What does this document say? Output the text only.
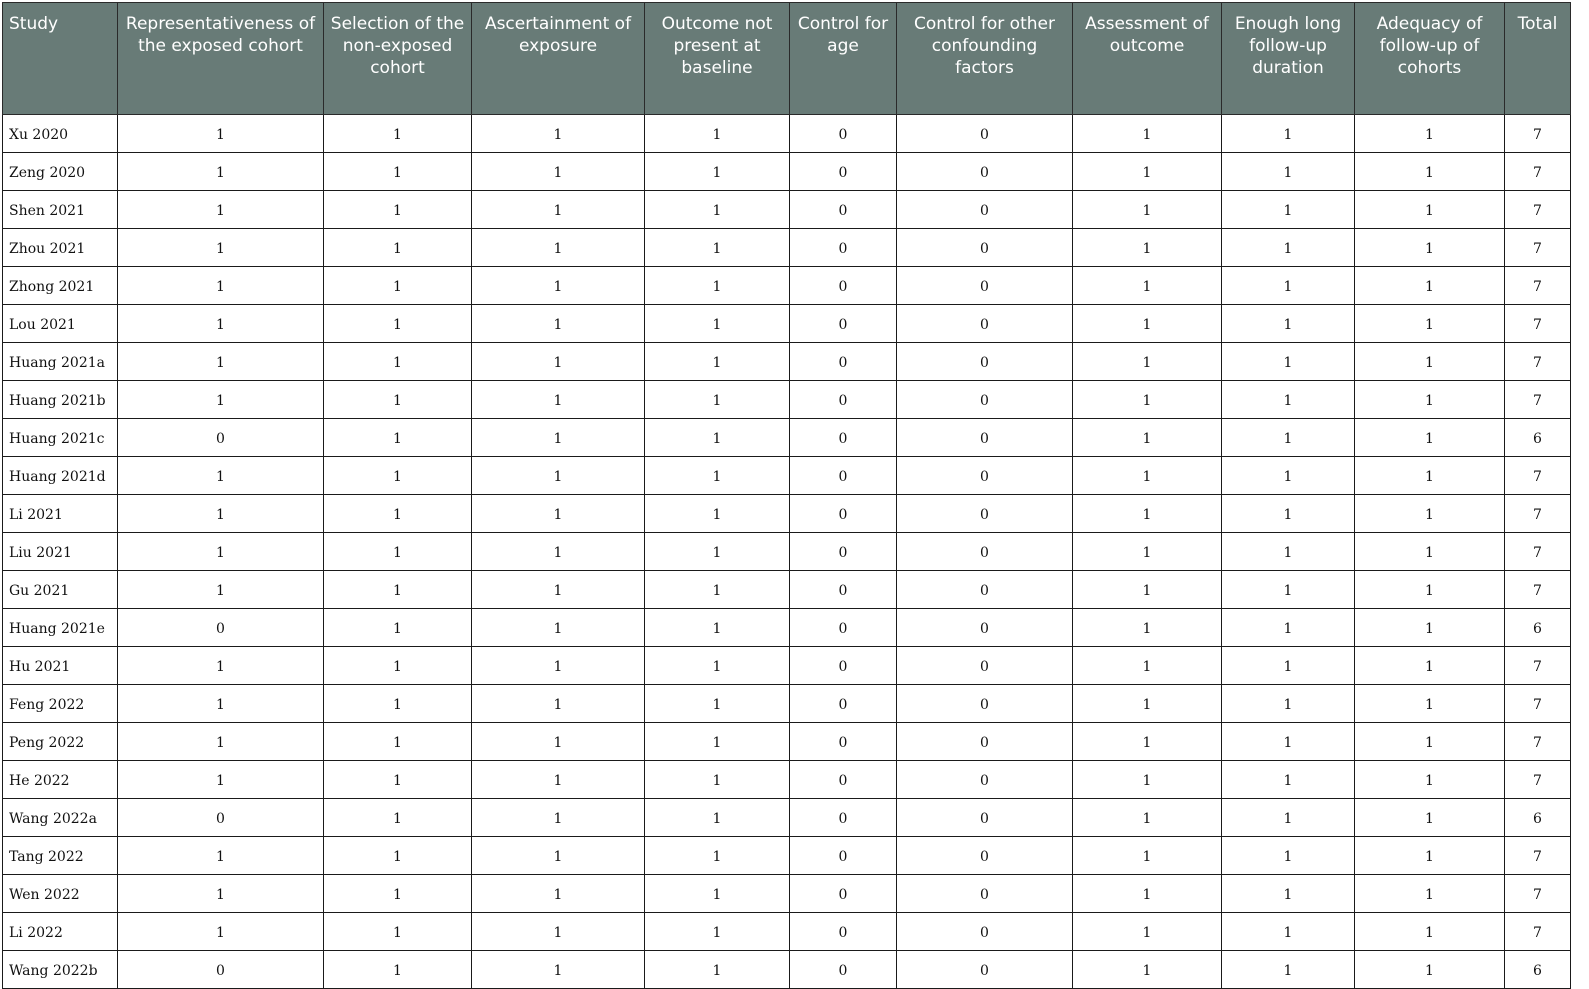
Study	Representativeness of the exposed cohort	Selection of the non-exposed cohort	Ascertainment of exposure	Outcome not present at baseline	Control for age	Control for other confounding factors	Assessment of outcome	Enough long follow-up duration	Adequacy of follow-up of cohorts	Total
Xu 2020	1	1	1	1	0	0	1	1	1	7
Zeng 2020	1	1	1	1	0	0	1	1	1	7
Shen 2021	1	1	1	1	0	0	1	1	1	7
Zhou 2021	1	1	1	1	0	0	1	1	1	7
Zhong 2021	1	1	1	1	0	0	1	1	1	7
Lou 2021	1	1	1	1	0	0	1	1	1	7
Huang 2021a	1	1	1	1	0	0	1	1	1	7
Huang 2021b	1	1	1	1	0	0	1	1	1	7
Huang 2021c	0	1	1	1	0	0	1	1	1	6
Huang 2021d	1	1	1	1	0	0	1	1	1	7
Li 2021	1	1	1	1	0	0	1	1	1	7
Liu 2021	1	1	1	1	0	0	1	1	1	7
Gu 2021	1	1	1	1	0	0	1	1	1	7
Huang 2021e	0	1	1	1	0	0	1	1	1	6
Hu 2021	1	1	1	1	0	0	1	1	1	7
Feng 2022	1	1	1	1	0	0	1	1	1	7
Peng 2022	1	1	1	1	0	0	1	1	1	7
He 2022	1	1	1	1	0	0	1	1	1	7
Wang 2022a	0	1	1	1	0	0	1	1	1	6
Tang 2022	1	1	1	1	0	0	1	1	1	7
Wen 2022	1	1	1	1	0	0	1	1	1	7
Li 2022	1	1	1	1	0	0	1	1	1	7
Wang 2022b	0	1	1	1	0	0	1	1	1	6
